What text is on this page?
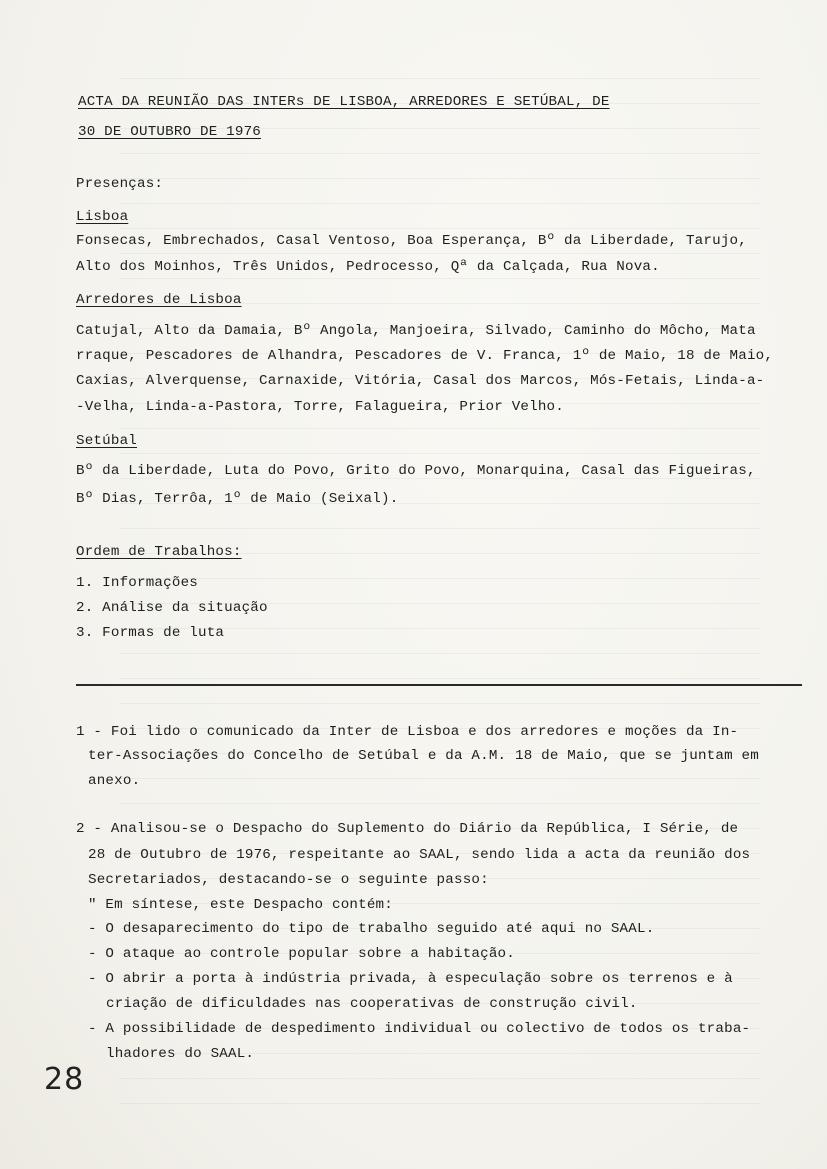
ACTA DA REUNIÃO DAS INTERs DE LISBOA, ARREDORES E SETÚBAL, DE
30 DE OUTUBRO DE 1976
Presenças:
Lisboa
Fonsecas, Embrechados, Casal Ventoso, Boa Esperança, Bº da Liberdade, Tarujo,
Alto dos Moinhos, Três Unidos, Pedrocesso, Qª da Calçada, Rua Nova.
Arredores de Lisboa
Catujal, Alto da Damaia, Bº Angola, Manjoeira, Silvado, Caminho do Môcho, Mata
rraque, Pescadores de Alhandra, Pescadores de V. Franca, 1º de Maio, 18 de Maio,
Caxias, Alverquense, Carnaxide, Vitória, Casal dos Marcos, Mós-Fetais, Linda-a-
-Velha, Linda-a-Pastora, Torre, Falagueira, Prior Velho.
Setúbal
Bº da Liberdade, Luta do Povo, Grito do Povo, Monarquina, Casal das Figueiras,
Bº Dias, Terrôa, 1º de Maio (Seixal).
Ordem de Trabalhos:
1. Informações
2. Análise da situação
3. Formas de luta
1 - Foi lido o comunicado da Inter de Lisboa e dos arredores e moções da In-
ter-Associações do Concelho de Setúbal e da A.M. 18 de Maio, que se juntam em
anexo.
2 - Analisou-se o Despacho do Suplemento do Diário da República, I Série, de
28 de Outubro de 1976, respeitante ao SAAL, sendo lida a acta da reunião dos
Secretariados, destacando-se o seguinte passo:
" Em síntese, este Despacho contém:
- O desaparecimento do tipo de trabalho seguido até aqui no SAAL.
- O ataque ao controle popular sobre a habitação.
- O abrir a porta à indústria privada, à especulação sobre os terrenos e à
criação de dificuldades nas cooperativas de construção civil.
- A possibilidade de despedimento individual ou colectivo de todos os traba-
lhadores do SAAL.
28
